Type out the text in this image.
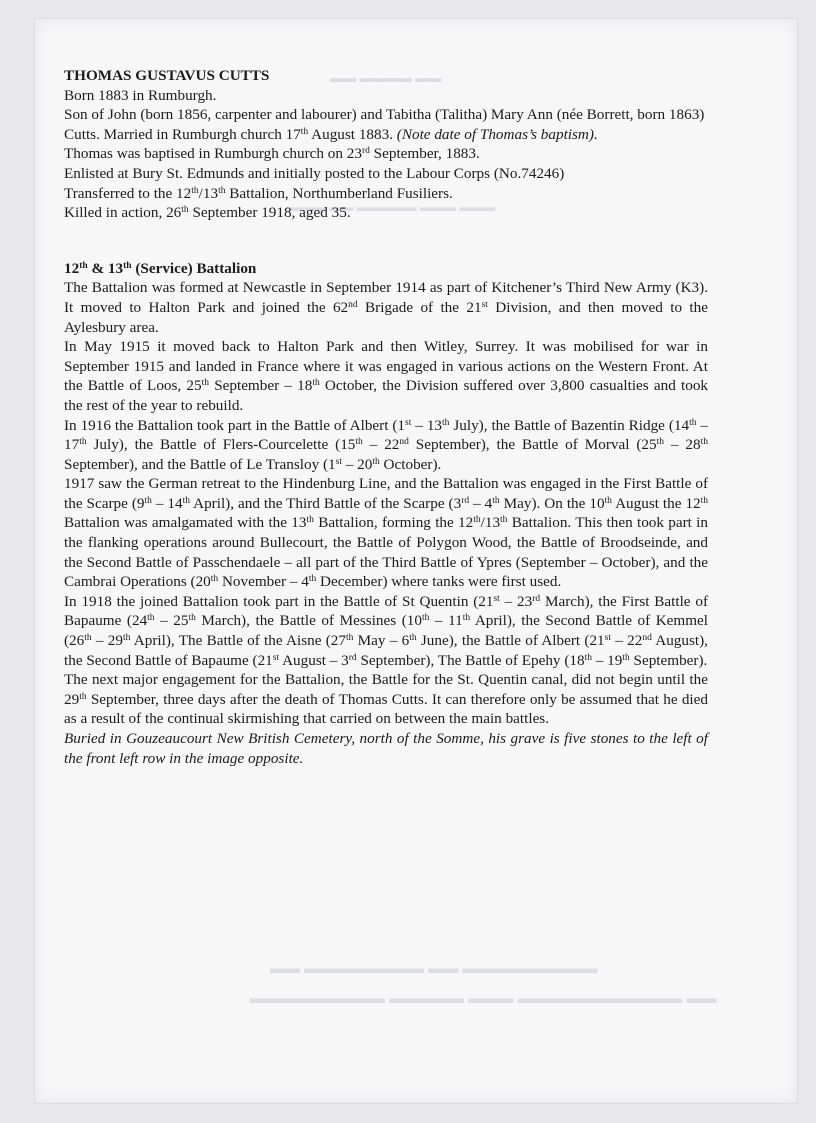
▬▬ ▬▬▬▬ ▬▬
▬▬▬ ▬▬▬ ▬▬▬▬▬ ▬▬ ▬▬▬
▬▬▬▬▬▬▬▬▬ ▬▬ ▬▬▬▬▬▬▬▬ ▬▬
▬▬ ▬▬▬▬▬▬▬▬▬▬▬ ▬▬▬ ▬▬▬▬▬ ▬▬▬▬▬▬▬▬▬
THOMAS GUSTAVUS CUTTS

Born 1883 in Rumburgh.

Son of John (born 1856, carpenter and labourer) and Tabitha (Talitha) Mary Ann (née Borrett, born 1863) Cutts. Married in Rumburgh church 17th August 1883. (Note date of Thomas’s baptism).

Thomas was baptised in Rumburgh church on 23rd September, 1883.

Enlisted at Bury St. Edmunds and initially posted to the Labour Corps (No.74246)

Transferred to the 12th/13th Battalion, Northumberland Fusiliers.

Killed in action, 26th September 1918, aged 35.

12th & 13th (Service) Battalion

The Battalion was formed at Newcastle in September 1914 as part of Kitchener’s Third New Army (K3). It moved to Halton Park and joined the 62nd Brigade of the 21st Division, and then moved to the Aylesbury area.

In May 1915 it moved back to Halton Park and then Witley, Surrey. It was mobilised for war in September 1915 and landed in France where it was engaged in various actions on the Western Front. At the Battle of Loos, 25th September – 18th October, the Division suffered over 3,800 casualties and took the rest of the year to rebuild.

In 1916 the Battalion took part in the Battle of Albert (1st – 13th July), the Battle of Bazentin Ridge (14th – 17th July), the Battle of Flers-Courcelette (15th – 22nd September), the Battle of Morval (25th – 28th September), and the Battle of Le Transloy (1st – 20th October).

1917 saw the German retreat to the Hindenburg Line, and the Battalion was engaged in the First Battle of the Scarpe (9th – 14th April), and the Third Battle of the Scarpe (3rd – 4th May). On the 10th August the 12th Battalion was amalgamated with the 13th Battalion, forming the 12th/13th Battalion. This then took part in the flanking operations around Bullecourt, the Battle of Polygon Wood, the Battle of Broodseinde, and the Second Battle of Passchendaele – all part of the Third Battle of Ypres (September – October), and the Cambrai Operations (20th November – 4th December) where tanks were first used.

In 1918 the joined Battalion took part in the Battle of St Quentin (21st – 23rd March), the First Battle of Bapaume (24th – 25th March), the Battle of Messines (10th – 11th April), the Second Battle of Kemmel (26th – 29th April), The Battle of the Aisne (27th May – 6th June), the Battle of Albert (21st – 22nd August), the Second Battle of Bapaume (21st August – 3rd September), The Battle of Epehy (18th – 19th September).

The next major engagement for the Battalion, the Battle for the St. Quentin canal, did not begin until the 29th September, three days after the death of Thomas Cutts. It can therefore only be assumed that he died as a result of the continual skirmishing that carried on between the main battles.

Buried in Gouzeaucourt New British Cemetery, north of the Somme, his grave is five stones to the left of the front left row in the image opposite.
